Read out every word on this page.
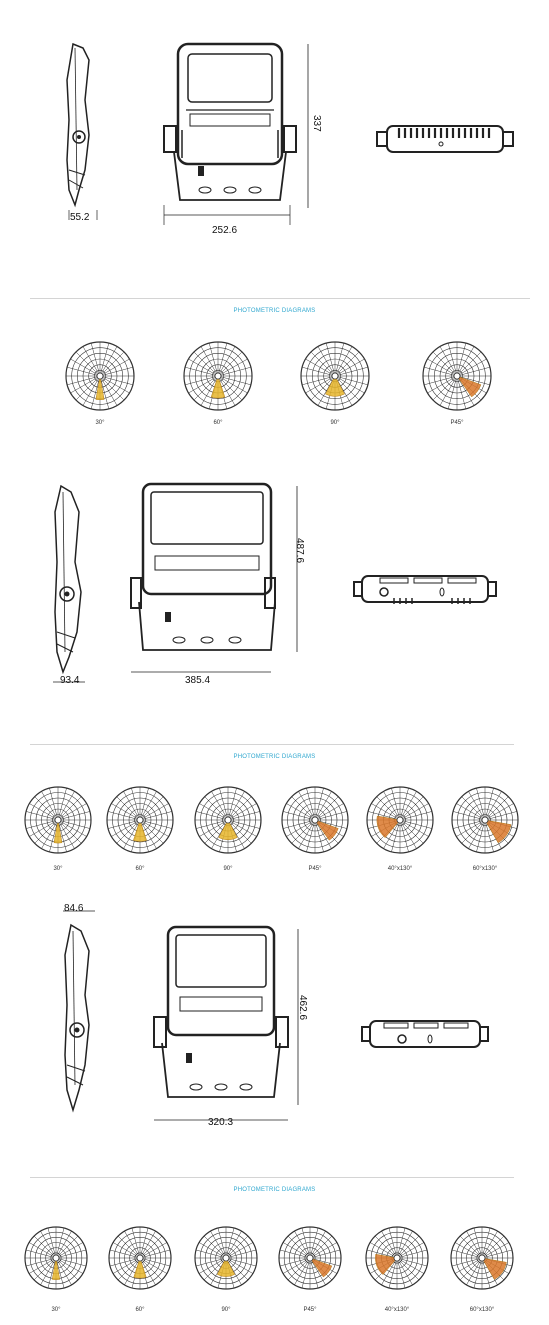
55.2
252.6
337
PHOTOMETRIC DIAGRAMS
30°	60°	90°	P45°
93.4	385.4
487.6
PHOTOMETRIC DIAGRAMS
30°	60°	90°	P45°	40°x130°	60°x130°
84.6
320.3
462.6
PHOTOMETRIC DIAGRAMS
30°	60°	90°	P45°	40°x130°	60°x130°
